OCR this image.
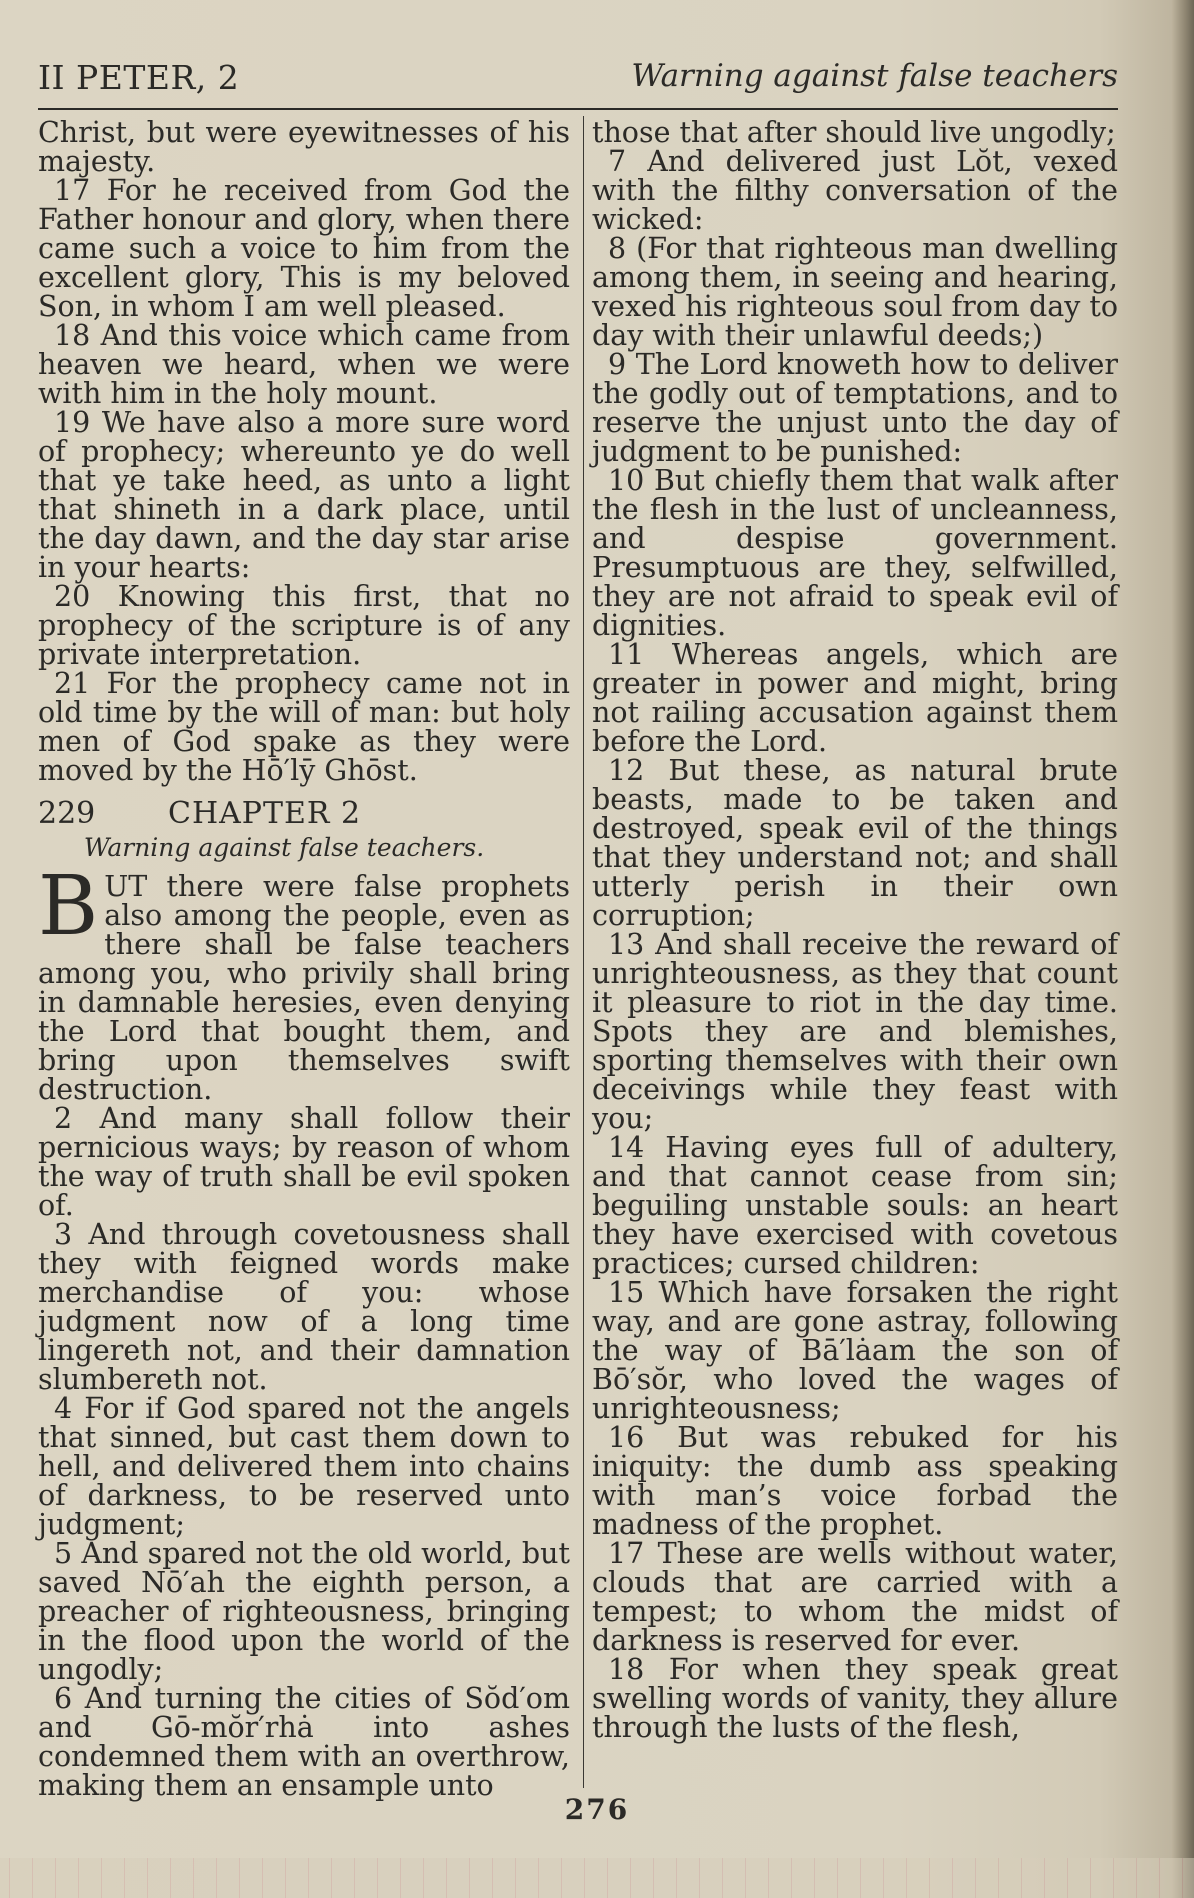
II PETER, 2	Warning against false teachers

Christ, but were eyewitnesses of his majesty.

17 For he received from God the Father honour and glory, when there came such a voice to him from the excellent glory, This is my beloved Son, in whom I am well pleased.

18 And this voice which came from heaven we heard, when we were with him in the holy mount.

19 We have also a more sure word of prophecy; whereunto ye do well that ye take heed, as unto a light that shineth in a dark place, until the day dawn, and the day star arise in your hearts:

20 Knowing this first, that no prophecy of the scripture is of any private interpretation.

21 For the prophecy came not in old time by the will of man: but holy men of God spake as they were moved by the Hō′lȳ Ghōst.

229	CHAPTER 2
Warning against false teachers.

BUT there were false prophets also among the people, even as there shall be false teachers among you, who privily shall bring in damnable heresies, even denying the Lord that bought them, and bring upon themselves swift destruction.

2 And many shall follow their pernicious ways; by reason of whom the way of truth shall be evil spoken of.

3 And through covetousness shall they with feigned words make merchandise of you: whose judgment now of a long time lingereth not, and their damnation slumbereth not.

4 For if God spared not the angels that sinned, but cast them down to hell, and delivered them into chains of darkness, to be reserved unto judgment;

5 And spared not the old world, but saved Nō′ah the eighth person, a preacher of righteousness, bringing in the flood upon the world of the ungodly;

6 And turning the cities of Sŏd′om and Gō-mŏr′rhȧ into ashes condemned them with an overthrow, making them an ensample unto

those that after should live ungodly;

7 And delivered just Lŏt, vexed with the filthy conversation of the wicked:

8 (For that righteous man dwelling among them, in seeing and hearing, vexed his righteous soul from day to day with their unlawful deeds;)

9 The Lord knoweth how to deliver the godly out of temptations, and to reserve the unjust unto the day of judgment to be punished:

10 But chiefly them that walk after the flesh in the lust of uncleanness, and despise government. Presumptuous are they, selfwilled, they are not afraid to speak evil of dignities.

11 Whereas angels, which are greater in power and might, bring not railing accusation against them before the Lord.

12 But these, as natural brute beasts, made to be taken and destroyed, speak evil of the things that they understand not; and shall utterly perish in their own corruption;

13 And shall receive the reward of unrighteousness, as they that count it pleasure to riot in the day time. Spots they are and blemishes, sporting themselves with their own deceivings while they feast with you;

14 Having eyes full of adultery, and that cannot cease from sin; beguiling unstable souls: an heart they have exercised with covetous practices; cursed children:

15 Which have forsaken the right way, and are gone astray, following the way of Bā′lȧam the son of Bō′sŏr, who loved the wages of unrighteousness;

16 But was rebuked for his iniquity: the dumb ass speaking with man’s voice forbad the madness of the prophet.

17 These are wells without water, clouds that are carried with a tempest; to whom the midst of darkness is reserved for ever.

18 For when they speak great swelling words of vanity, they allure through the lusts of the flesh,

276
